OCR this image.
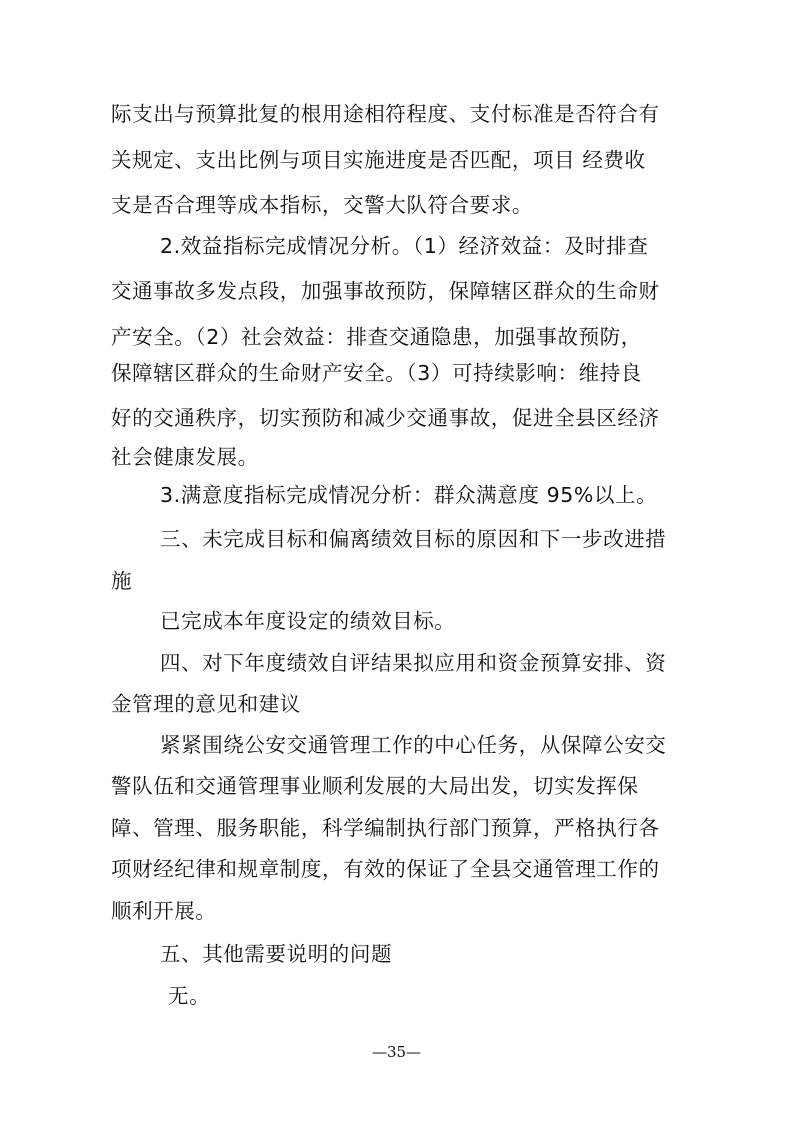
际支出与预算批复的根用途相符程度、支付标准是否符合有

关规定、支出比例与项目实施进度是否匹配，项目 经费收

支是否合理等成本指标，交警大队符合要求。

2.效益指标完成情况分析。（1）经济效益：及时排查

交通事故多发点段，加强事故预防，保障辖区群众的生命财

产安全。（2）社会效益：排查交通隐患，加强事故预防，

保障辖区群众的生命财产安全。（3）可持续影响：维持良

好的交通秩序，切实预防和减少交通事故，促进全县区经济

社会健康发展。

3.满意度指标完成情况分析：群众满意度 95%以上。

三、未完成目标和偏离绩效目标的原因和下一步改进措

施

已完成本年度设定的绩效目标。

四、对下年度绩效自评结果拟应用和资金预算安排、资

金管理的意见和建议

紧紧围绕公安交通管理工作的中心任务，从保障公安交

警队伍和交通管理事业顺利发展的大局出发，切实发挥保

障、管理、服务职能，科学编制执行部门预算，严格执行各

项财经纪律和规章制度，有效的保证了全县交通管理工作的

顺利开展。

五、其他需要说明的问题

无。

—35—
